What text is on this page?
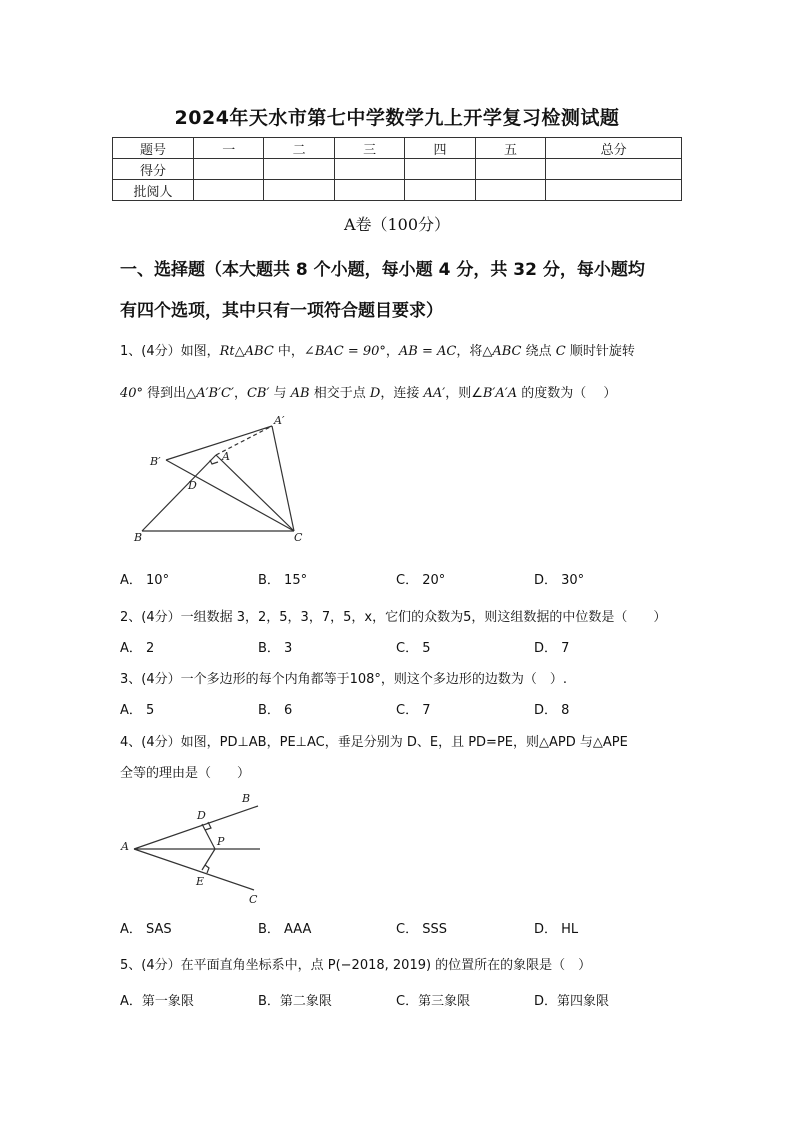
2024年天水市第七中学数学九上开学复习检测试题
题号	一	二	三	四	五	总分
得分						
批阅人						
A卷（100分）
一、选择题（本大题共 8 个小题，每小题 4 分，共 32 分，每小题均
有四个选项，其中只有一项符合题目要求）
1、(4分）如图，Rt△ABC 中，∠BAC = 90°，AB = AC，将△ABC 绕点 C 顺时针旋转
40° 得到出△A′B′C′，CB′ 与 AB 相交于点 D，连接 AA′，则∠B′A′A 的度数为（　 ）
A′
B′	A
D
B	C
A． 10°	B． 15°	C． 20°	D． 30°
2、(4分）一组数据 3，2，5，3，7，5，x，它们的众数为5，则这组数据的中位数是（　　）
A． 2	B． 3	C． 5	D． 7
3、(4分）一个多边形的每个内角都等于108°，则这个多边形的边数为（　）.
A． 5	B． 6	C． 7	D． 8
4、(4分）如图，PD⊥AB，PE⊥AC，垂足分别为 D、E，且 PD=PE，则△APD 与△APE
全等的理由是（　　）
B
D
P
A
E
C
A． SAS	B． AAA	C． SSS	D． HL
5、(4分）在平面直角坐标系中，点 P(−2018, 2019) 的位置所在的象限是（　）
A．第一象限	B．第二象限	C．第三象限	D．第四象限
